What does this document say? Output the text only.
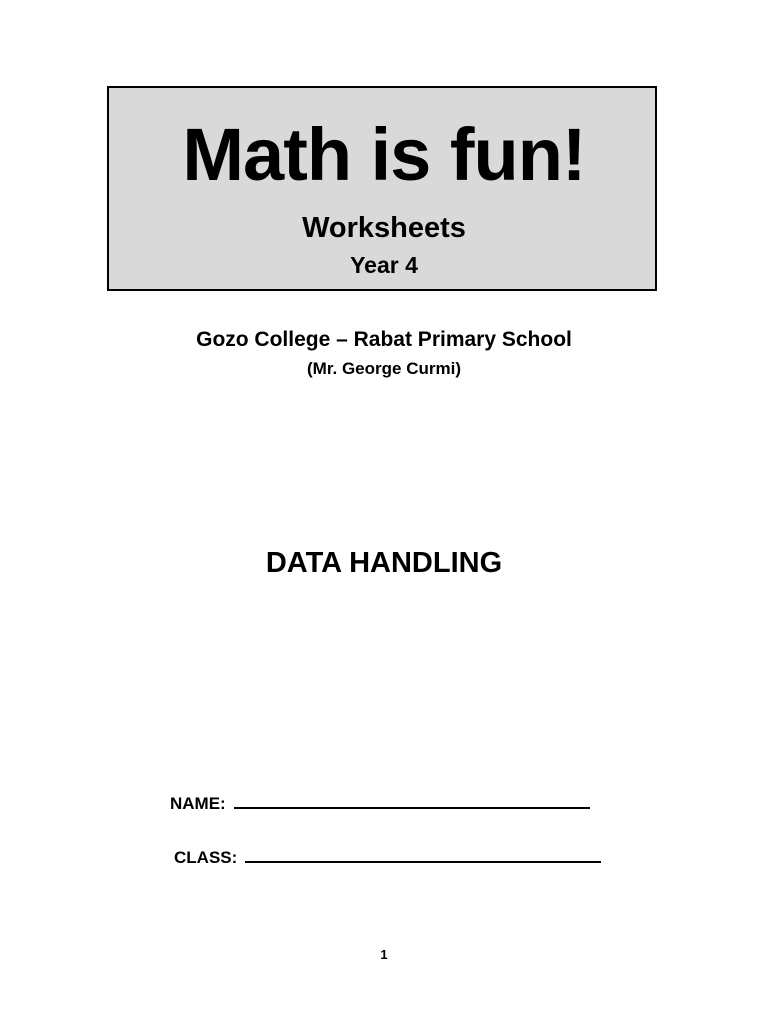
Math is fun!
Worksheets
Year 4
Gozo College – Rabat Primary School
(Mr. George Curmi)
DATA HANDLING
NAME:
CLASS:
1
